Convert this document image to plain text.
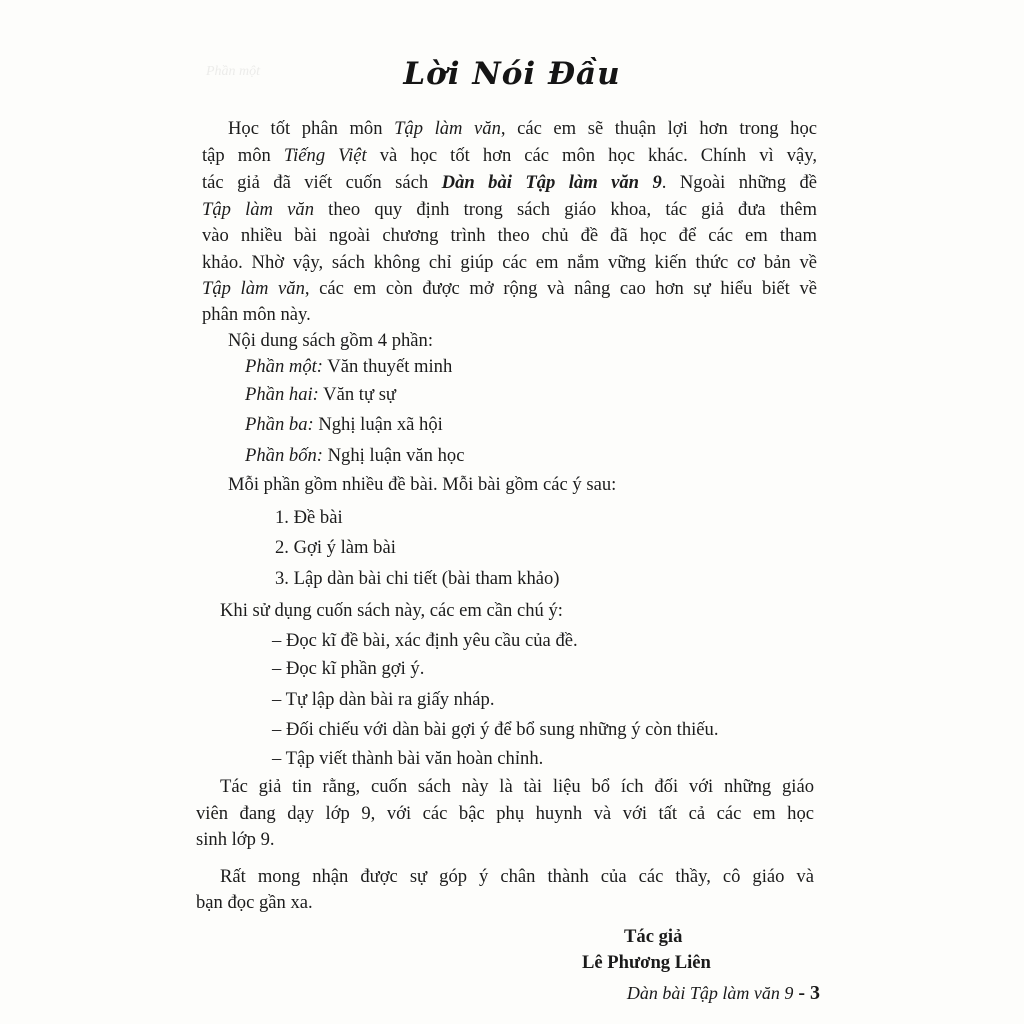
Phần một	Lời Nói Đầu
Học tốt phân môn Tập làm văn, các em sẽ thuận lợi hơn trong học
tập môn Tiếng Việt và học tốt hơn các môn học khác. Chính vì vậy,
tác giả đã viết cuốn sách Dàn bài Tập làm văn 9. Ngoài những đề
Tập làm văn theo quy định trong sách giáo khoa, tác giả đưa thêm
vào nhiều bài ngoài chương trình theo chủ đề đã học để các em tham
khảo. Nhờ vậy, sách không chỉ giúp các em nắm vững kiến thức cơ bản về
Tập làm văn, các em còn được mở rộng và nâng cao hơn sự hiểu biết về
phân môn này.
Nội dung sách gồm 4 phần:
Phần một: Văn thuyết minh
Phần hai: Văn tự sự
Phần ba: Nghị luận xã hội
Phần bốn: Nghị luận văn học
Mỗi phần gồm nhiều đề bài. Mỗi bài gồm các ý sau:
1. Đề bài
2. Gợi ý làm bài
3. Lập dàn bài chi tiết (bài tham khảo)
Khi sử dụng cuốn sách này, các em cần chú ý:
– Đọc kĩ đề bài, xác định yêu cầu của đề.
– Đọc kĩ phần gợi ý.
– Tự lập dàn bài ra giấy nháp.
– Đối chiếu với dàn bài gợi ý để bổ sung những ý còn thiếu.
– Tập viết thành bài văn hoàn chỉnh.
Tác giả tin rằng, cuốn sách này là tài liệu bổ ích đối với những giáo
viên đang dạy lớp 9, với các bậc phụ huynh và với tất cả các em học
sinh lớp 9.
Rất mong nhận được sự góp ý chân thành của các thầy, cô giáo và
bạn đọc gần xa.
Tác giả
Lê Phương Liên
Dàn bài Tập làm văn 9 - 3
